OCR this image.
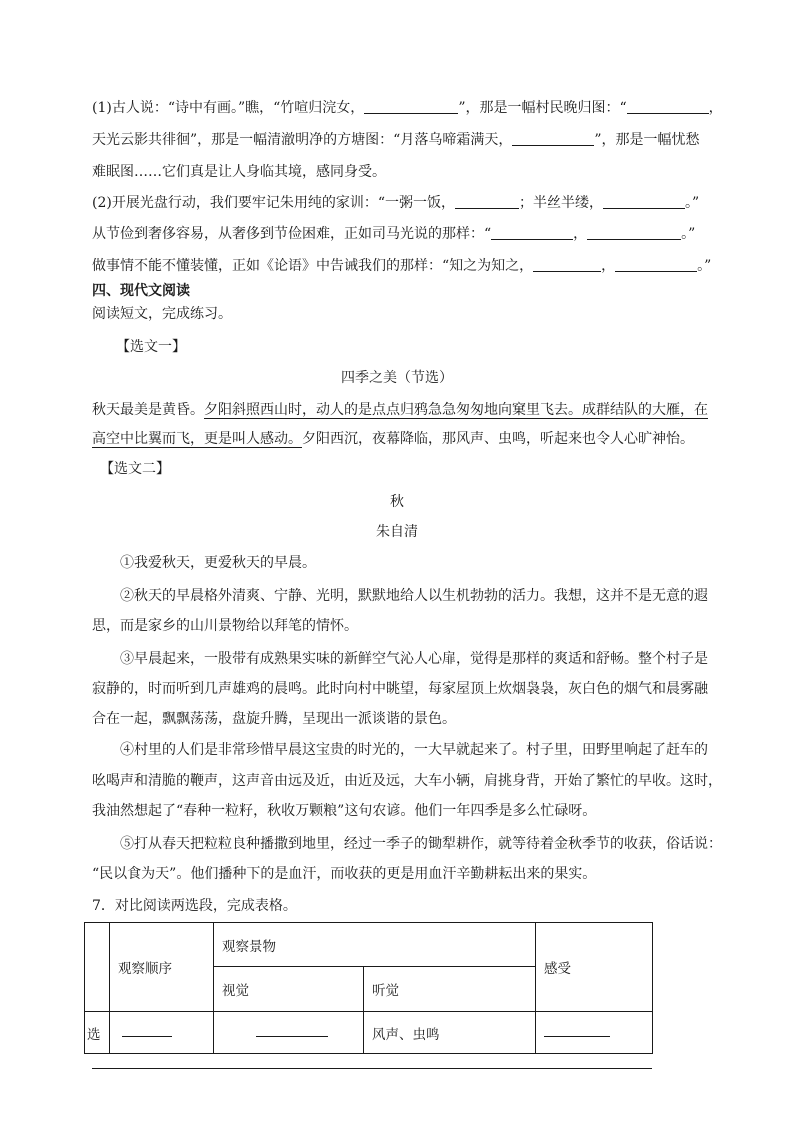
(1)古人说：“诗中有画。”瞧，“竹喧归浣女，	”，那是一幅村民晚归图：“	，
天光云影共徘徊”，那是一幅清澈明净的方塘图：“月落乌啼霜满天，	”，那是一幅忧愁
难眠图……它们真是让人身临其境，感同身受。
(2)开展光盘行动，我们要牢记朱用纯的家训：“一粥一饭，	；半丝半缕，	。”
从节俭到奢侈容易，从奢侈到节俭困难，正如司马光说的那样：“	，	。”
做事情不能不懂装懂，正如《论语》中告诫我们的那样：“知之为知之，	，	。”
四、现代文阅读
阅读短文，完成练习。
【选文一】
四季之美（节选）
秋天最美是黄昏。夕阳斜照西山时，动人的是点点归鸦急急匆匆地向窠里飞去。成群结队的大雁，在
高空中比翼而飞，更是叫人感动。夕阳西沉，夜幕降临，那风声、虫鸣，听起来也令人心旷神怡。
【选文二】
秋
朱自清
①我爱秋天，更爱秋天的早晨。
②秋天的早晨格外清爽、宁静、光明，默默地给人以生机勃勃的活力。我想，这并不是无意的遐
思，而是家乡的山川景物给以拜笔的情怀。
③早晨起来，一股带有成熟果实味的新鲜空气沁人心扉，觉得是那样的爽适和舒畅。整个村子是
寂静的，时而听到几声雄鸡的晨鸣。此时向村中眺望，每家屋顶上炊烟袅袅，灰白色的烟气和晨雾融
合在一起，飘飘荡荡，盘旋升腾，呈现出一派谈谐的景色。
④村里的人们是非常珍惜早晨这宝贵的时光的，一大早就起来了。村子里，田野里响起了赶车的
吆喝声和清脆的鞭声，这声音由远及近，由近及远，大车小辆，肩挑身背，开始了繁忙的早收。这时，
我油然想起了“春种一粒籽，秋收万颗粮”这句农谚。他们一年四季是多么忙碌呀。
⑤打从春天把粒粒良种播撒到地里，经过一季子的锄犁耕作，就等待着金秋季节的收获，俗话说：
“民以食为天”。他们播种下的是血汗，而收获的更是用血汗辛勤耕耘出来的果实。
7．对比阅读两选段，完成表格。
	观察顺序	观察景物		感受
		视觉	听觉	
选			风声、虫鸣	
